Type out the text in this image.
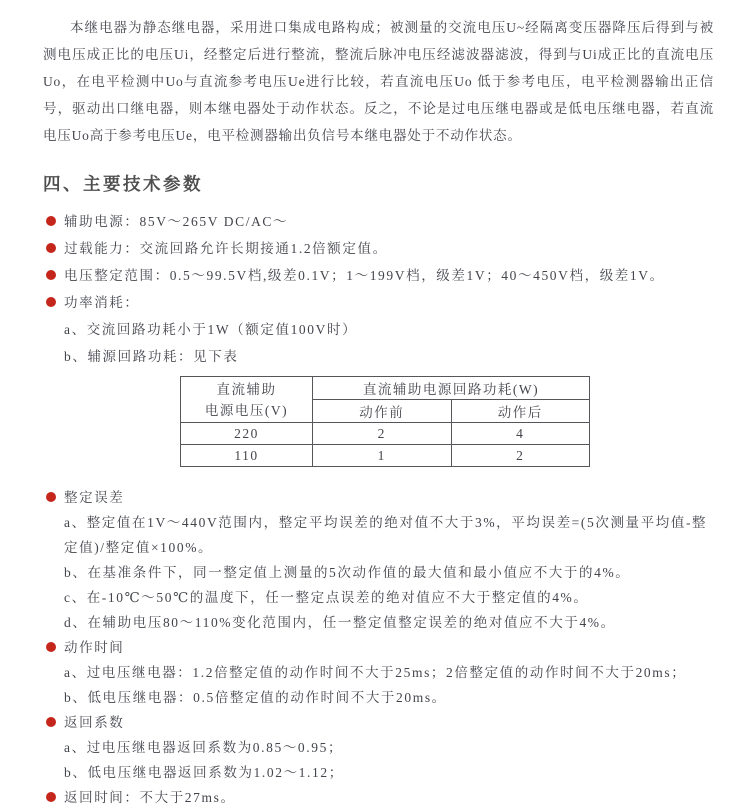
本继电器为静态继电器，采用进口集成电路构成；被测量的交流电压U~经隔离变压器降压后得到与被测电压成正比的电压Ui，经整定后进行整流，整流后脉冲电压经滤波器滤波，得到与Ui成正比的直流电压Uo，在电平检测中Uo与直流参考电压Ue进行比较，若直流电压Uo 低于参考电压，电平检测器输出正信号，驱动出口继电器，则本继电器处于动作状态。反之，不论是过电压继电器或是低电压继电器，若直流电压Uo高于参考电压Ue，电平检测器输出负信号本继电器处于不动作状态。

四、主要技术参数
辅助电源：85V～265V DC/AC～
过载能力：交流回路允许长期接通1.2倍额定值。
电压整定范围：0.5～99.5V档,级差0.1V；1～199V档，级差1V；40～450V档，级差1V。
功率消耗：
a、交流回路功耗小于1W（额定值100V时）
b、辅源回路功耗：见下表
直流辅助
电源电压(V)	直流辅助电源回路功耗(W)	
	动作前	动作后
220	2	4
110	1	2
整定误差
a、整定值在1V～440V范围内，整定平均误差的绝对值不大于3%，平均误差=(5次测量平均值-整定值)/整定值×100%。
b、在基准条件下，同一整定值上测量的5次动作值的最大值和最小值应不大于的4%。
c、在-10℃～50℃的温度下，任一整定点误差的绝对值应不大于整定值的4%。
d、在辅助电压80～110%变化范围内，任一整定值整定误差的绝对值应不大于4%。
动作时间
a、过电压继电器：1.2倍整定值的动作时间不大于25ms；2倍整定值的动作时间不大于20ms；
b、低电压继电器：0.5倍整定值的动作时间不大于20ms。
返回系数
a、过电压继电器返回系数为0.85～0.95；
b、低电压继电器返回系数为1.02～1.12；
返回时间：不大于27ms。
